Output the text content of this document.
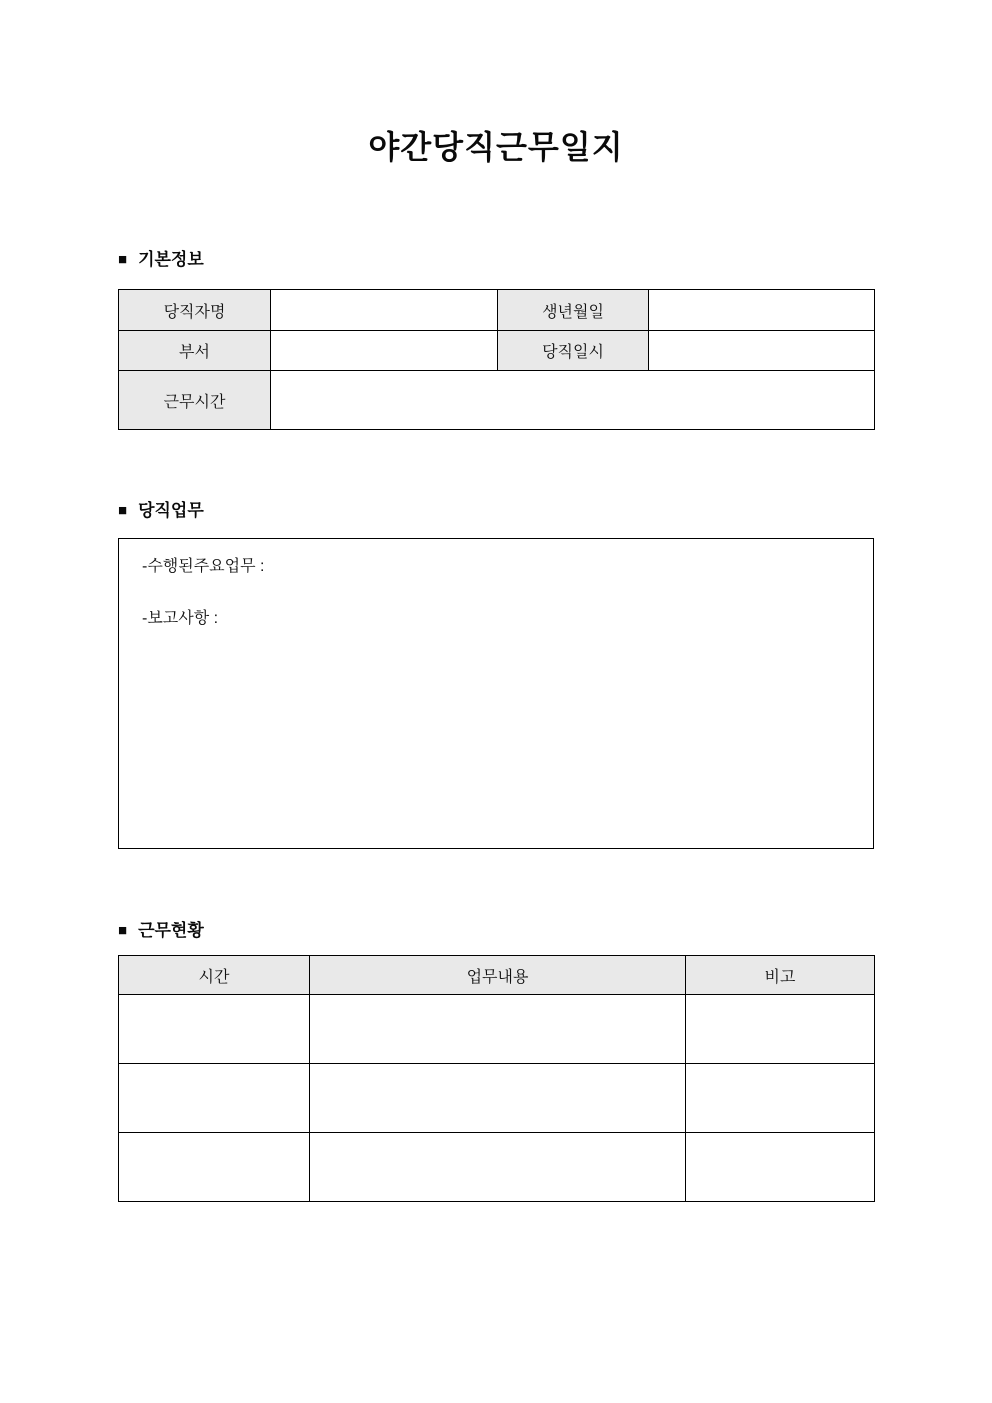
야간당직근무일지
■ 기본정보
당직자명		생년월일	
부서		당직일시	
근무시간			
■ 당직업무

-수행된주요업무 :

-보고사항 :

■ 근무현황
시간	업무내용	비고
